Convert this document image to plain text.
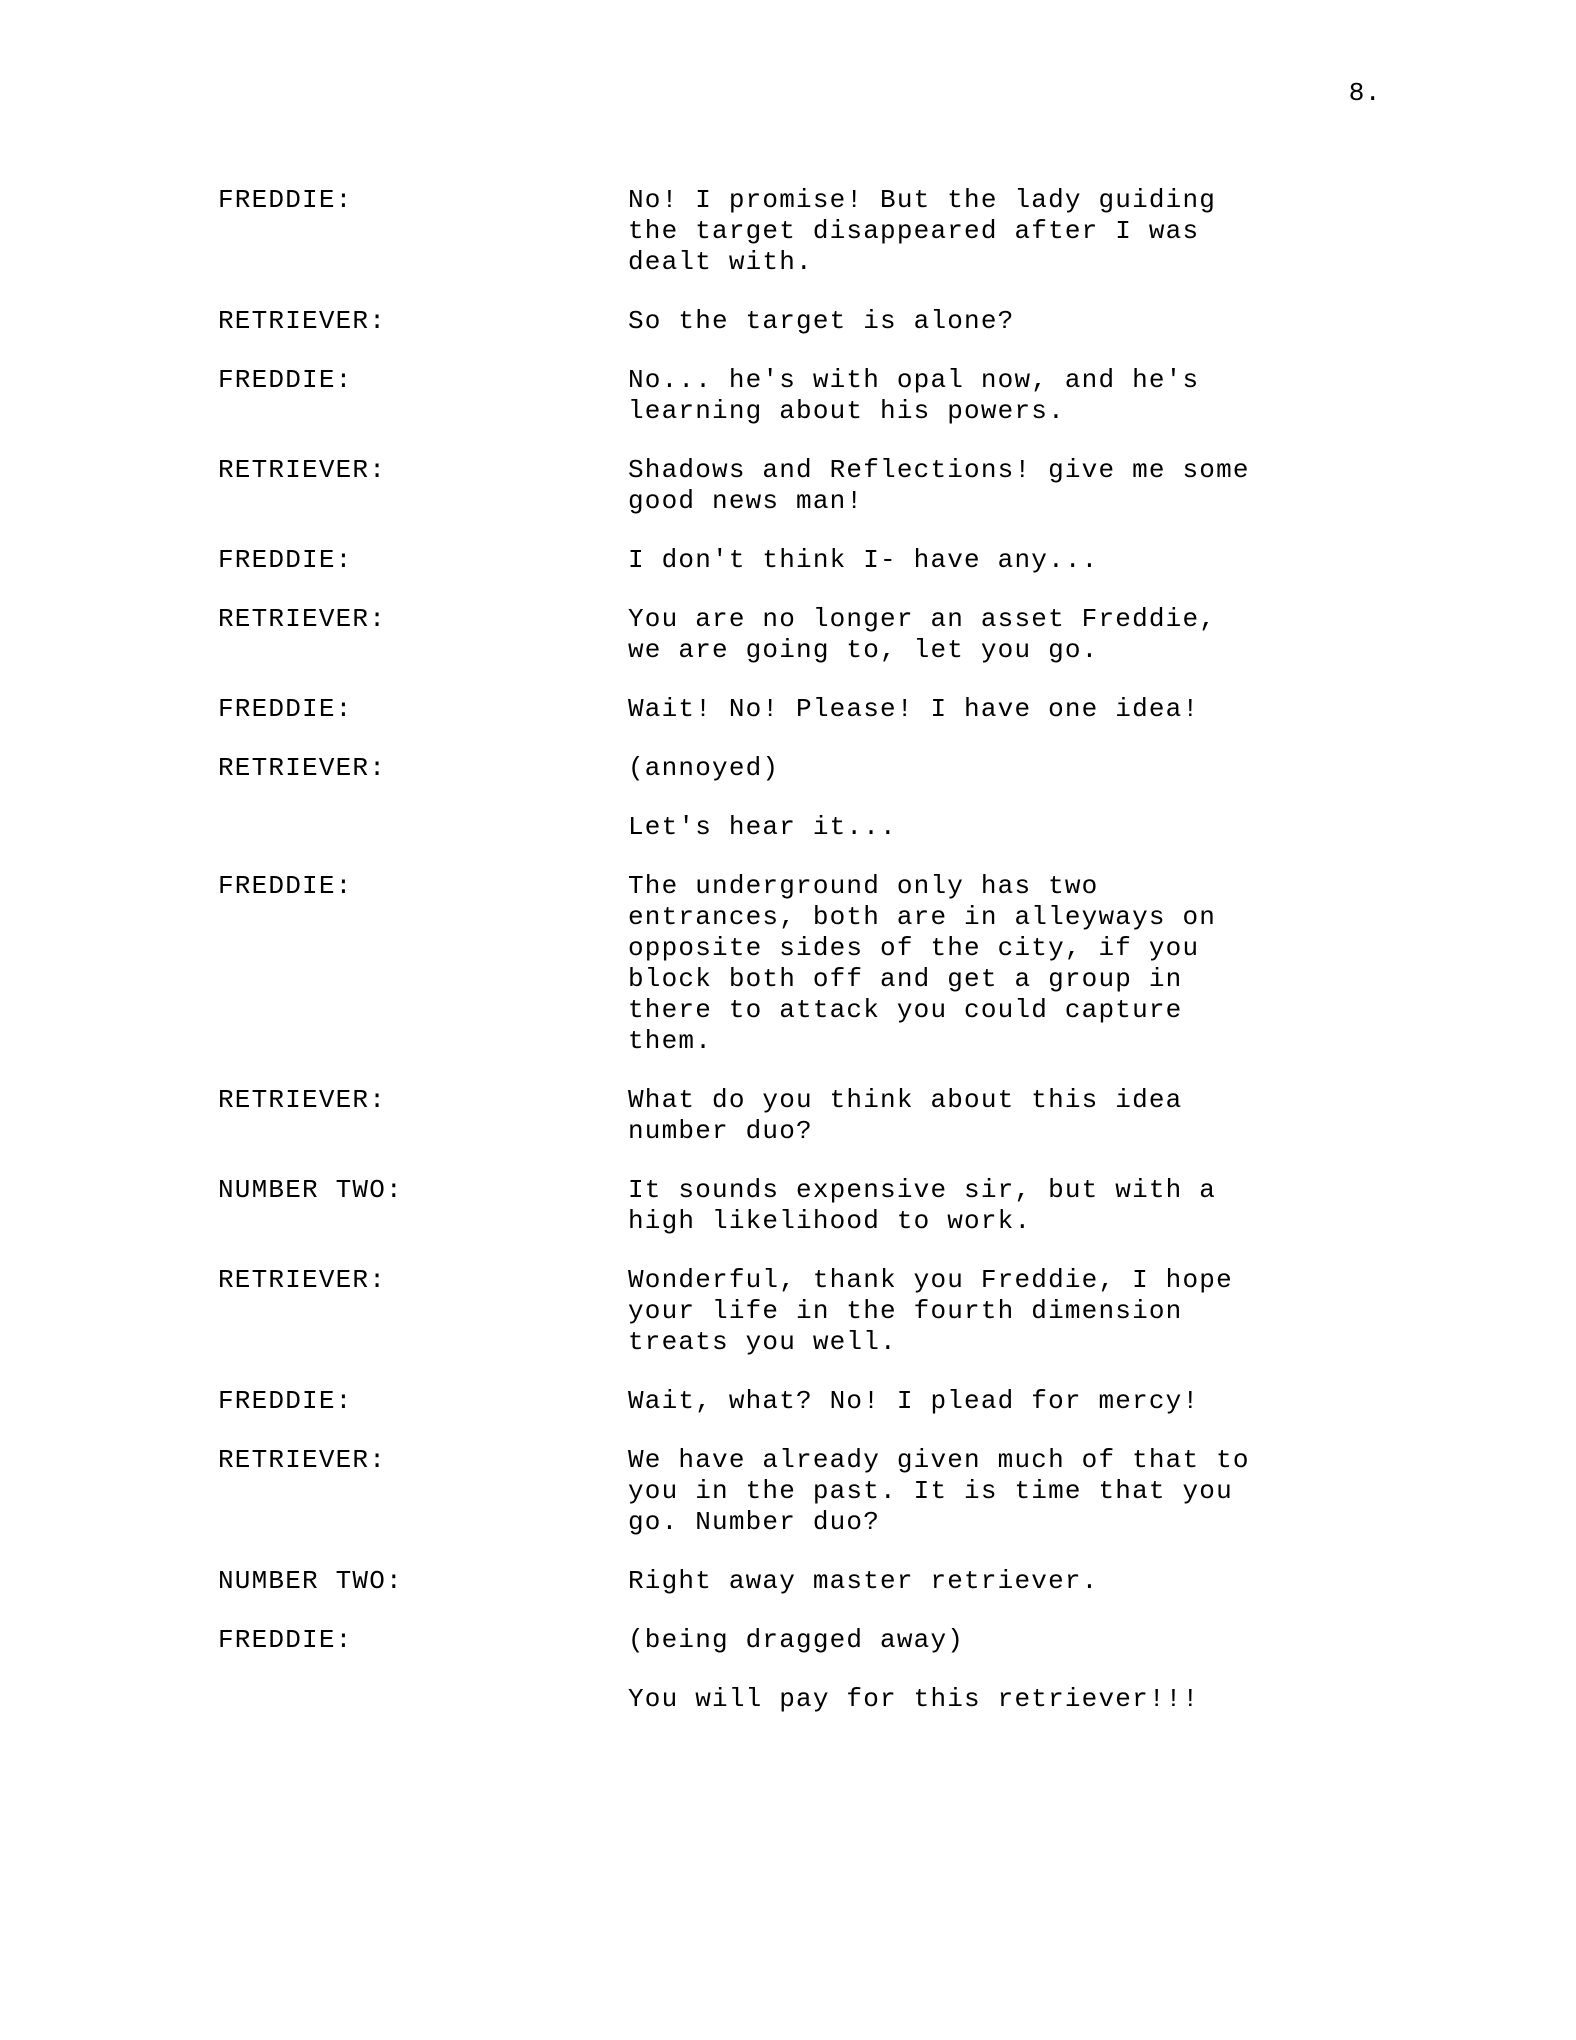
8.
FREDDIE:	No! I promise! But the lady guiding
the target disappeared after I was
dealt with.
RETRIEVER:	So the target is alone?
FREDDIE:	No... he's with opal now, and he's
learning about his powers.
RETRIEVER:	Shadows and Reflections! give me some
good news man!
FREDDIE:	I don't think I- have any...
RETRIEVER:	You are no longer an asset Freddie,
we are going to, let you go.
FREDDIE:	Wait! No! Please! I have one idea!
RETRIEVER:	(annoyed)
Let's hear it...
FREDDIE:	The underground only has two
entrances, both are in alleyways on
opposite sides of the city, if you
block both off and get a group in
there to attack you could capture
them.
RETRIEVER:	What do you think about this idea
number duo?
NUMBER TWO:	It sounds expensive sir, but with a
high likelihood to work.
RETRIEVER:	Wonderful, thank you Freddie, I hope
your life in the fourth dimension
treats you well.
FREDDIE:	Wait, what? No! I plead for mercy!
RETRIEVER:	We have already given much of that to
you in the past. It is time that you
go. Number duo?
NUMBER TWO:	Right away master retriever.
FREDDIE:	(being dragged away)
You will pay for this retriever!!!
